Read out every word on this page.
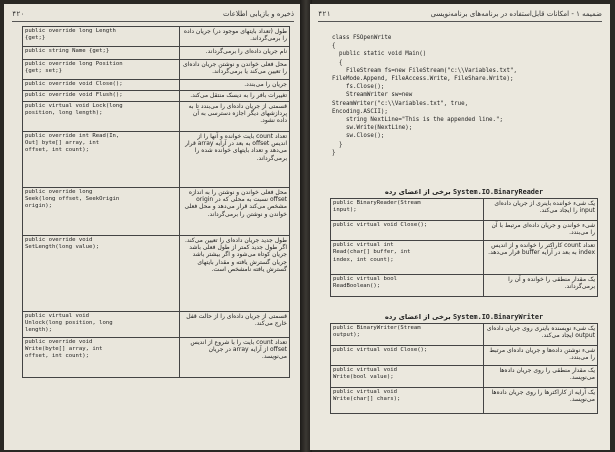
۴۲۰	ذخیره و بازیابی اطلاعات
public override long Length
{get;}	طول (تعداد بایتهای موجود در) جریان داده را برمی‌گرداند.
public string Name {get;}	نام جریان داده‌ای را برمی‌گرداند.
public override long Position
{get; set;}	محل فعلی خواندن و نوشتن جریان داده‌ای را تعیین می‌کند یا برمی‌گرداند.
public override void Close();	جریان را می‌بندد.
public override void Flush();	تغییرات بافر را به دیسک منتقل می‌کند.
public virtual void Lock(long
position, long length);	قسمتی از جریان داده‌ای را می‌بندد تا به پردازشهای دیگر اجازه دسترسی به آن داده نشود.
public override int Read(In,
Out] byte[] array, int
offset, int count);	تعداد count بایت خوانده و آنها را از اندیس offset به بعد در آرایه array قرار می‌دهد و تعداد بایتهای خوانده شده را برمی‌گرداند.
public override long
Seek(long offset, SeekOrigin
origin);	محل فعلی خواندن و نوشتن را به اندازه offset نسبت به محلی که در origin مشخص می‌کند قرار می‌دهد و محل فعلی خواندن و نوشتن را برمی‌گرداند.
public override void
SetLength(long value);	طول جدید جریان داده‌ای را تعیین می‌کند. اگر طول جدید کمتر از طول فعلی باشد جریان کوتاه می‌شود و اگر بیشتر باشد جریان گسترش یافته و مقدار بایتهای گسترش یافته نامشخص است.
public virtual void
Unlock(long position, long
length);	قسمتی از جریان داده‌ای را از حالت قفل خارج می‌کند.
public override void
Write(byte[] array, int
offset, int count);	تعداد count بایت را با شروع از اندیس offset از آرایه array در جریان می‌نویسد.
ضمیمه ۱ - امکانات قابل‌استفاده در برنامه‌های برنامه‌نویسی
۴۲۱
class FSOpenWrite
{
public static void Main()
{
FileStream fs=new FileStream("c:\\Variables.txt",
FileMode.Append, FileAccess.Write, FileShare.Write);
fs.Close();
StreamWriter sw=new
StreamWriter("c:\\Variables.txt", true,
Encoding.ASCII);
string NextLine="This is the appended line.";
sw.Write(NextLine);
sw.Close();
}
}
برخی از اعضای رده System.IO.BinaryReader
public BinaryReader(Stream
input);	یک شیء خواننده باینری از جریان داده‌ای input را ایجاد می‌کند.
public virtual void Close();	شیء خواندن و جریان داده‌ای مرتبط با آن را می‌بندد.
public virtual int
Read(char[] buffer, int
index, int count);	تعداد count کاراکتر را خوانده و از اندیس index به بعد در آرایه buffer قرار می‌دهد.
public virtual bool
ReadBoolean();	یک مقدار منطقی را خوانده و آن را برمی‌گرداند.
برخی از اعضای رده System.IO.BinaryWriter
public BinaryWriter(Stream
output);	یک شیء نویسنده باینری روی جریان داده‌ای output ایجاد می‌کند.
public virtual void Close();	شیء نوشتن داده‌ها و جریان داده‌ای مرتبط را می‌بندد.
public virtual void
Write(bool value);	یک مقدار منطقی را روی جریان داده‌ها می‌نویسد.
public virtual void
Write(char[] chars);	یک آرایه از کاراکترها را روی جریان داده‌ها می‌نویسد.
